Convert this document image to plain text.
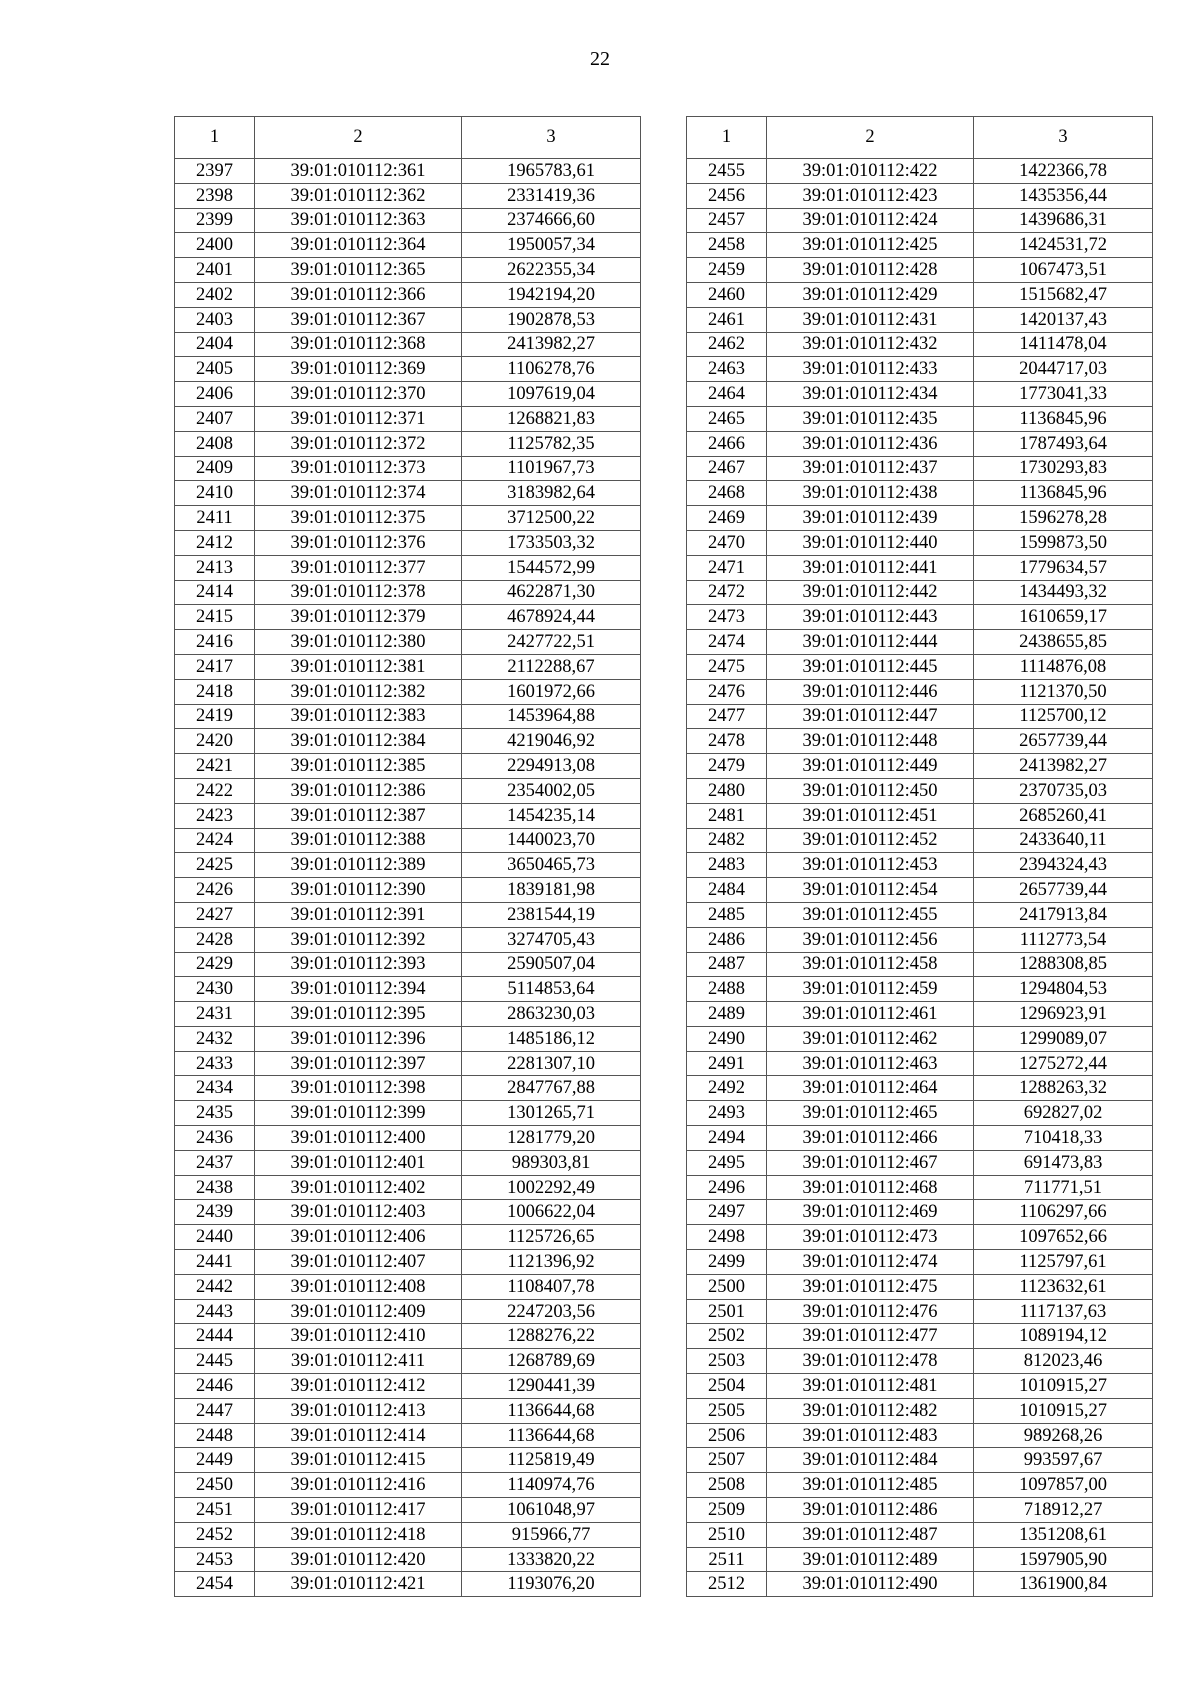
22
1	2	3
2397	39:01:010112:361	1965783,61
2398	39:01:010112:362	2331419,36
2399	39:01:010112:363	2374666,60
2400	39:01:010112:364	1950057,34
2401	39:01:010112:365	2622355,34
2402	39:01:010112:366	1942194,20
2403	39:01:010112:367	1902878,53
2404	39:01:010112:368	2413982,27
2405	39:01:010112:369	1106278,76
2406	39:01:010112:370	1097619,04
2407	39:01:010112:371	1268821,83
2408	39:01:010112:372	1125782,35
2409	39:01:010112:373	1101967,73
2410	39:01:010112:374	3183982,64
2411	39:01:010112:375	3712500,22
2412	39:01:010112:376	1733503,32
2413	39:01:010112:377	1544572,99
2414	39:01:010112:378	4622871,30
2415	39:01:010112:379	4678924,44
2416	39:01:010112:380	2427722,51
2417	39:01:010112:381	2112288,67
2418	39:01:010112:382	1601972,66
2419	39:01:010112:383	1453964,88
2420	39:01:010112:384	4219046,92
2421	39:01:010112:385	2294913,08
2422	39:01:010112:386	2354002,05
2423	39:01:010112:387	1454235,14
2424	39:01:010112:388	1440023,70
2425	39:01:010112:389	3650465,73
2426	39:01:010112:390	1839181,98
2427	39:01:010112:391	2381544,19
2428	39:01:010112:392	3274705,43
2429	39:01:010112:393	2590507,04
2430	39:01:010112:394	5114853,64
2431	39:01:010112:395	2863230,03
2432	39:01:010112:396	1485186,12
2433	39:01:010112:397	2281307,10
2434	39:01:010112:398	2847767,88
2435	39:01:010112:399	1301265,71
2436	39:01:010112:400	1281779,20
2437	39:01:010112:401	989303,81
2438	39:01:010112:402	1002292,49
2439	39:01:010112:403	1006622,04
2440	39:01:010112:406	1125726,65
2441	39:01:010112:407	1121396,92
2442	39:01:010112:408	1108407,78
2443	39:01:010112:409	2247203,56
2444	39:01:010112:410	1288276,22
2445	39:01:010112:411	1268789,69
2446	39:01:010112:412	1290441,39
2447	39:01:010112:413	1136644,68
2448	39:01:010112:414	1136644,68
2449	39:01:010112:415	1125819,49
2450	39:01:010112:416	1140974,76
2451	39:01:010112:417	1061048,97
2452	39:01:010112:418	915966,77
2453	39:01:010112:420	1333820,22
2454	39:01:010112:421	1193076,20
1	2	3
2455	39:01:010112:422	1422366,78
2456	39:01:010112:423	1435356,44
2457	39:01:010112:424	1439686,31
2458	39:01:010112:425	1424531,72
2459	39:01:010112:428	1067473,51
2460	39:01:010112:429	1515682,47
2461	39:01:010112:431	1420137,43
2462	39:01:010112:432	1411478,04
2463	39:01:010112:433	2044717,03
2464	39:01:010112:434	1773041,33
2465	39:01:010112:435	1136845,96
2466	39:01:010112:436	1787493,64
2467	39:01:010112:437	1730293,83
2468	39:01:010112:438	1136845,96
2469	39:01:010112:439	1596278,28
2470	39:01:010112:440	1599873,50
2471	39:01:010112:441	1779634,57
2472	39:01:010112:442	1434493,32
2473	39:01:010112:443	1610659,17
2474	39:01:010112:444	2438655,85
2475	39:01:010112:445	1114876,08
2476	39:01:010112:446	1121370,50
2477	39:01:010112:447	1125700,12
2478	39:01:010112:448	2657739,44
2479	39:01:010112:449	2413982,27
2480	39:01:010112:450	2370735,03
2481	39:01:010112:451	2685260,41
2482	39:01:010112:452	2433640,11
2483	39:01:010112:453	2394324,43
2484	39:01:010112:454	2657739,44
2485	39:01:010112:455	2417913,84
2486	39:01:010112:456	1112773,54
2487	39:01:010112:458	1288308,85
2488	39:01:010112:459	1294804,53
2489	39:01:010112:461	1296923,91
2490	39:01:010112:462	1299089,07
2491	39:01:010112:463	1275272,44
2492	39:01:010112:464	1288263,32
2493	39:01:010112:465	692827,02
2494	39:01:010112:466	710418,33
2495	39:01:010112:467	691473,83
2496	39:01:010112:468	711771,51
2497	39:01:010112:469	1106297,66
2498	39:01:010112:473	1097652,66
2499	39:01:010112:474	1125797,61
2500	39:01:010112:475	1123632,61
2501	39:01:010112:476	1117137,63
2502	39:01:010112:477	1089194,12
2503	39:01:010112:478	812023,46
2504	39:01:010112:481	1010915,27
2505	39:01:010112:482	1010915,27
2506	39:01:010112:483	989268,26
2507	39:01:010112:484	993597,67
2508	39:01:010112:485	1097857,00
2509	39:01:010112:486	718912,27
2510	39:01:010112:487	1351208,61
2511	39:01:010112:489	1597905,90
2512	39:01:010112:490	1361900,84
